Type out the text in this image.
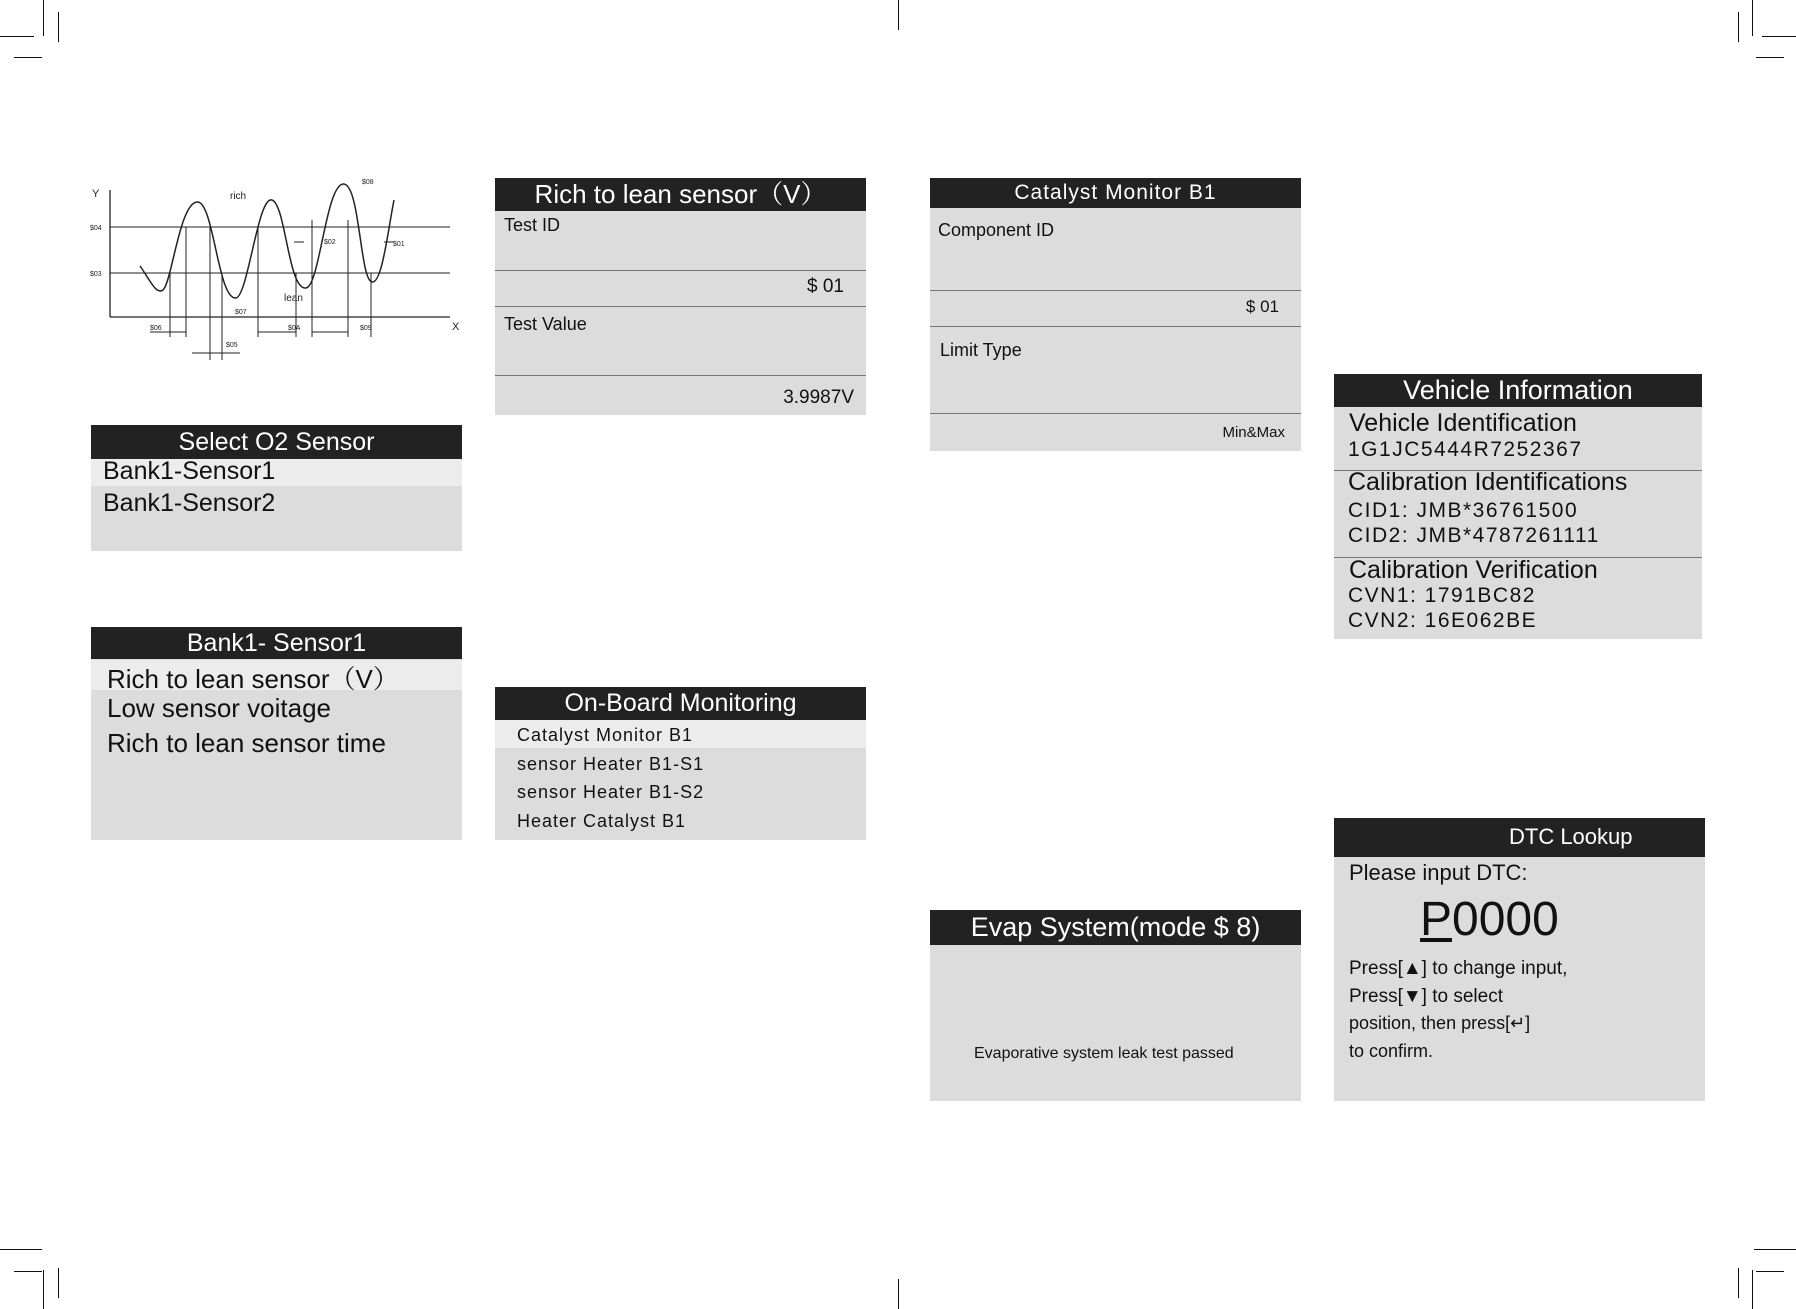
Y
X
rich
lean
$04
$03
$08
$02	$01
$07
$06
$05
$0A	$09
Select O2 Sensor
Bank1-Sensor1
Bank1-Sensor2
Bank1- Sensor1
Rich to lean sensor（V）
Low sensor voitage
Rich to lean sensor time
Rich to lean sensor（V）
Test ID
$ 01
Test Value
3.9987V
On-Board Monitoring
Catalyst Monitor B1
sensor Heater B1-S1
sensor Heater B1-S2
Heater Catalyst B1
Catalyst Monitor B1
Component ID
$ 01
Limit Type
Min&Max
Evap System(mode $ 8)
Evaporative system leak test passed
Vehicle Information
Vehicle Identification
1G1JC5444R7252367
Calibration Identifications
CID1: JMB*36761500
CID2: JMB*4787261111
Calibration Verification
CVN1: 1791BC82
CVN2: 16E062BE
DTC Lookup
Please input DTC:
P0000
Press[▲] to change input,
Press[▼] to select
position, then press[↵]
to confirm.
